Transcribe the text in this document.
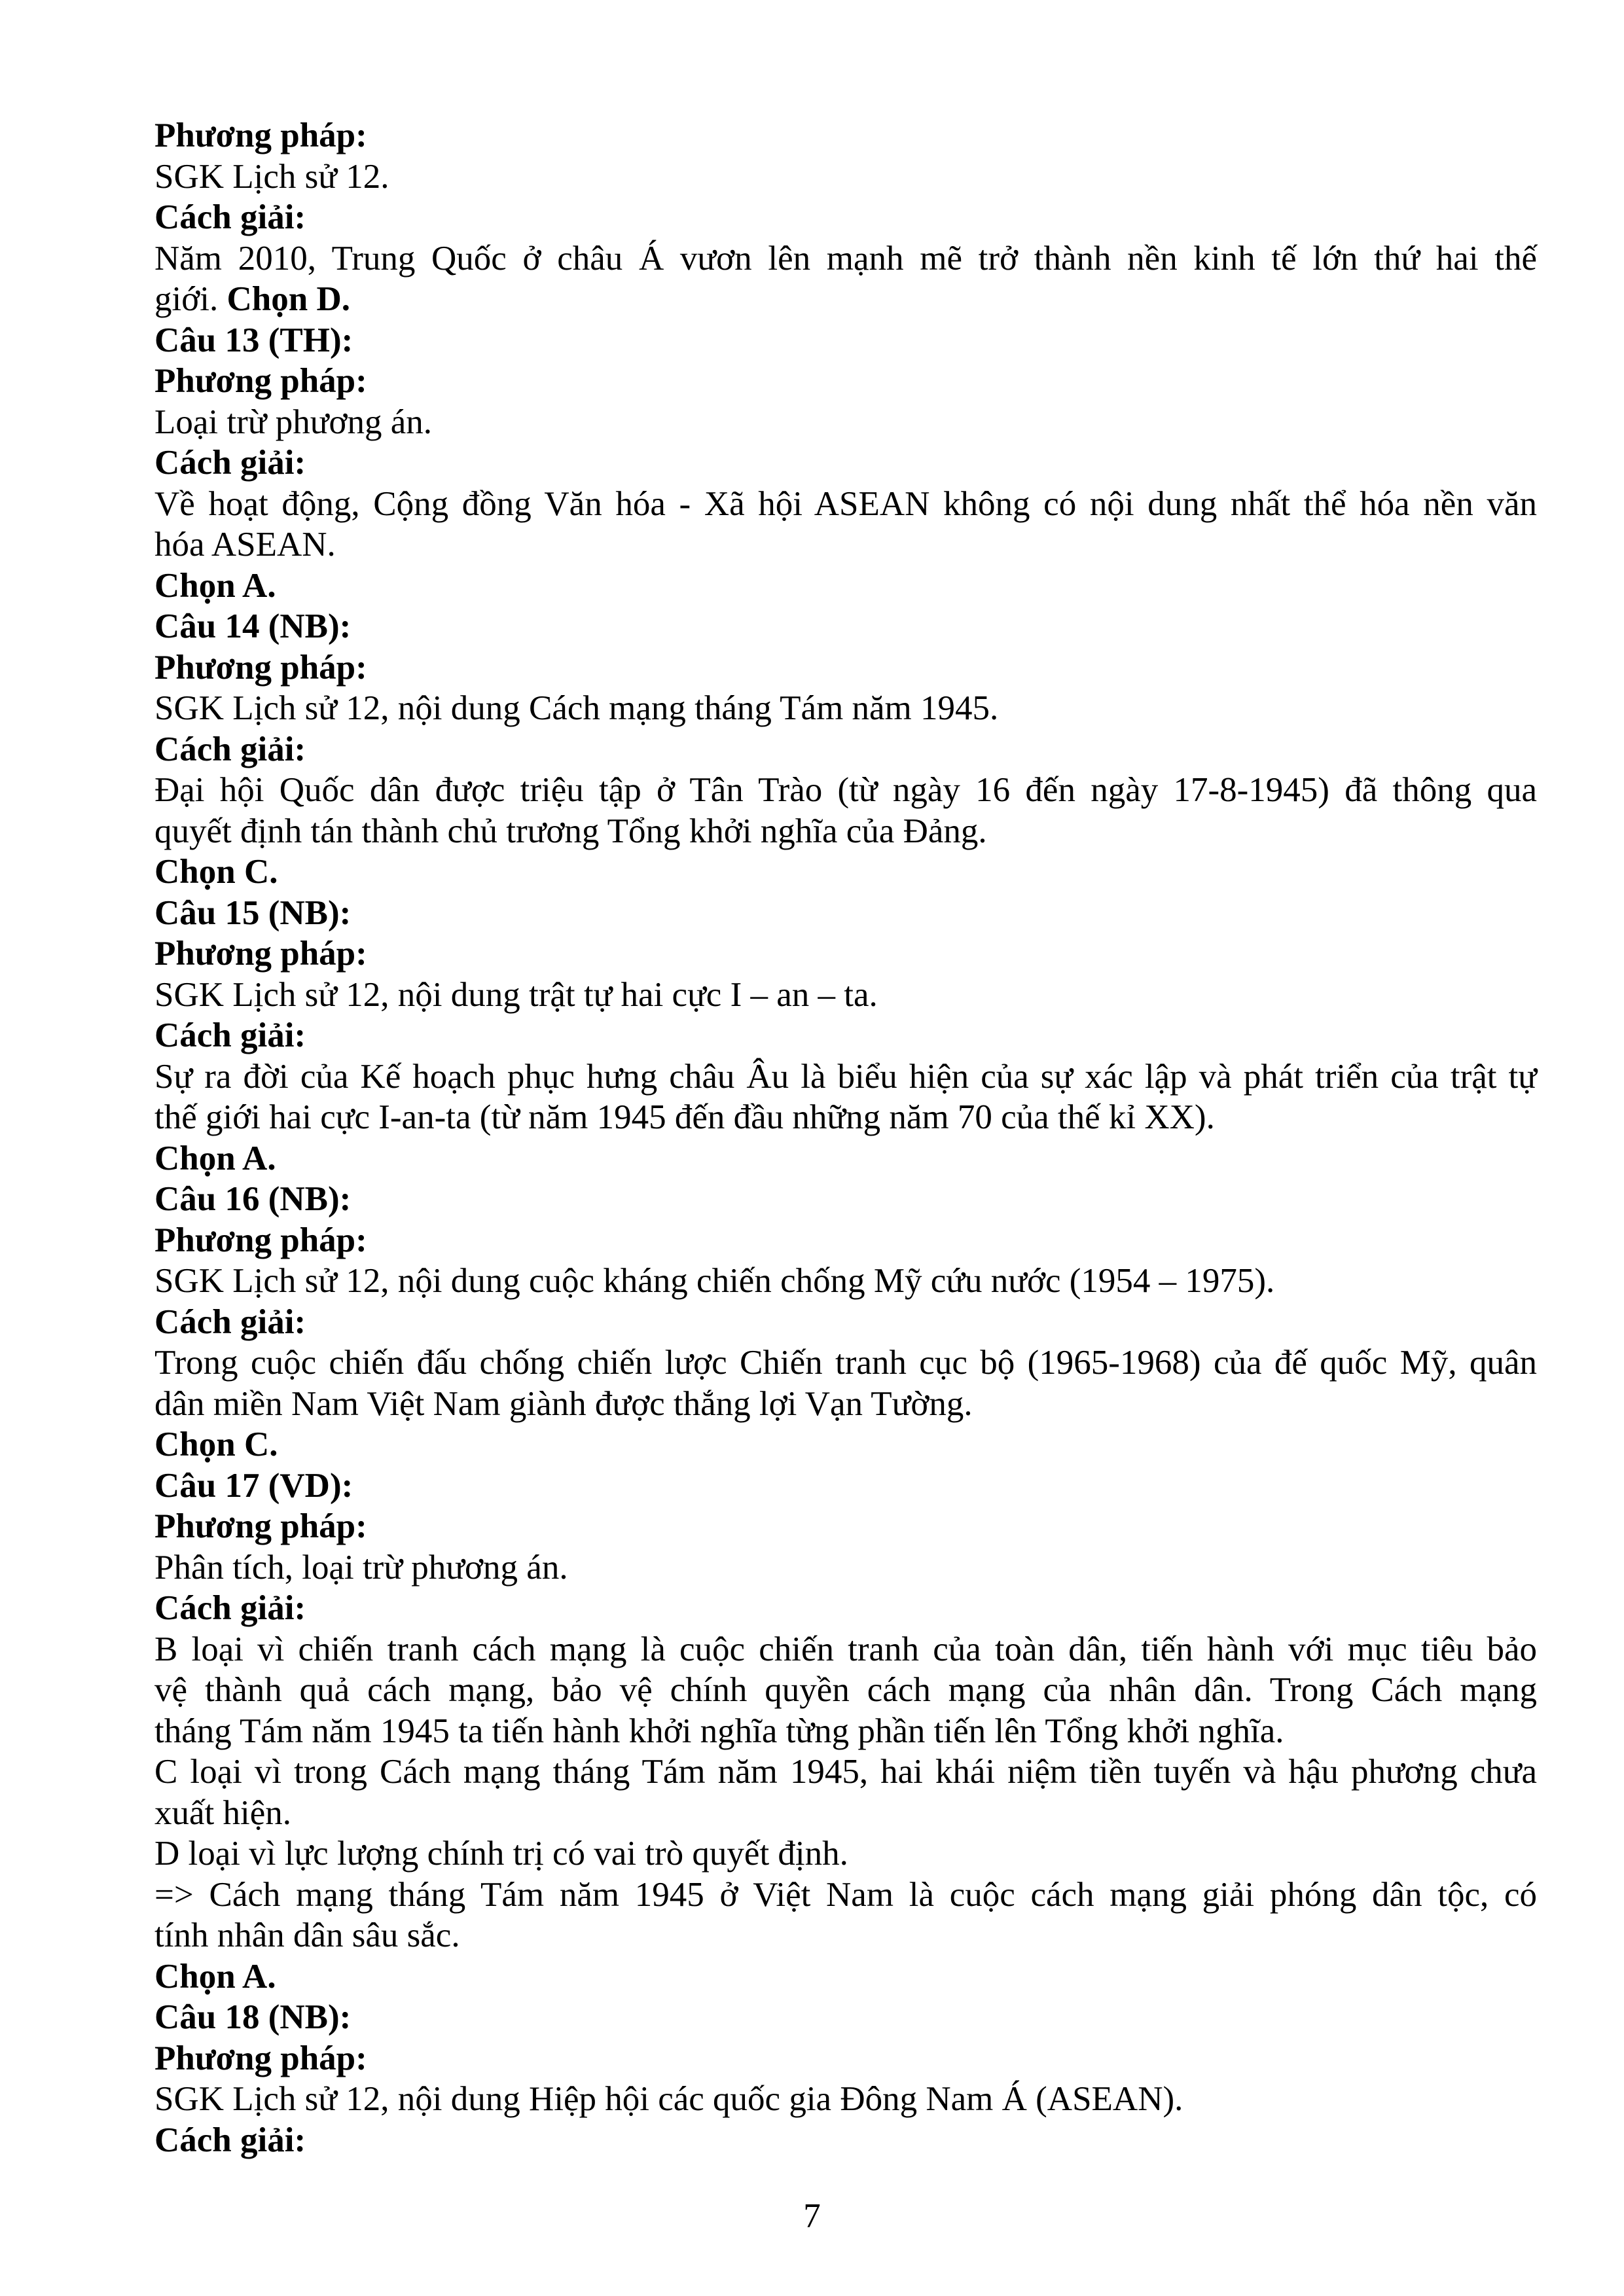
Phương pháp:
SGK Lịch sử 12.
Cách giải:
Năm 2010, Trung Quốc ở châu Á vươn lên mạnh mẽ trở thành nền kinh tế lớn thứ hai thế
giới. Chọn D.
Câu 13 (TH):
Phương pháp:
Loại trừ phương án.
Cách giải:
Về hoạt động, Cộng đồng Văn hóa - Xã hội ASEAN không có nội dung nhất thể hóa nền văn
hóa ASEAN.
Chọn A.
Câu 14 (NB):
Phương pháp:
SGK Lịch sử 12, nội dung Cách mạng tháng Tám năm 1945.
Cách giải:
Đại hội Quốc dân được triệu tập ở Tân Trào (từ ngày 16 đến ngày 17-8-1945) đã thông qua
quyết định tán thành chủ trương Tổng khởi nghĩa của Đảng.
Chọn C.
Câu 15 (NB):
Phương pháp:
SGK Lịch sử 12, nội dung trật tự hai cực I – an – ta.
Cách giải:
Sự ra đời của Kế hoạch phục hưng châu Âu là biểu hiện của sự xác lập và phát triển của trật tự
thế giới hai cực I-an-ta (từ năm 1945 đến đầu những năm 70 của thế kỉ XX).
Chọn A.
Câu 16 (NB):
Phương pháp:
SGK Lịch sử 12, nội dung cuộc kháng chiến chống Mỹ cứu nước (1954 – 1975).
Cách giải:
Trong cuộc chiến đấu chống chiến lược Chiến tranh cục bộ (1965-1968) của đế quốc Mỹ, quân
dân miền Nam Việt Nam giành được thắng lợi Vạn Tường.
Chọn C.
Câu 17 (VD):
Phương pháp:
Phân tích, loại trừ phương án.
Cách giải:
B loại vì chiến tranh cách mạng là cuộc chiến tranh của toàn dân, tiến hành với mục tiêu bảo
vệ thành quả cách mạng, bảo vệ chính quyền cách mạng của nhân dân. Trong Cách mạng
tháng Tám năm 1945 ta tiến hành khởi nghĩa từng phần tiến lên Tổng khởi nghĩa.
C loại vì trong Cách mạng tháng Tám năm 1945, hai khái niệm tiền tuyến và hậu phương chưa
xuất hiện.
D loại vì lực lượng chính trị có vai trò quyết định.
=> Cách mạng tháng Tám năm 1945 ở Việt Nam là cuộc cách mạng giải phóng dân tộc, có
tính nhân dân sâu sắc.
Chọn A.
Câu 18 (NB):
Phương pháp:
SGK Lịch sử 12, nội dung Hiệp hội các quốc gia Đông Nam Á (ASEAN).
Cách giải:
7
